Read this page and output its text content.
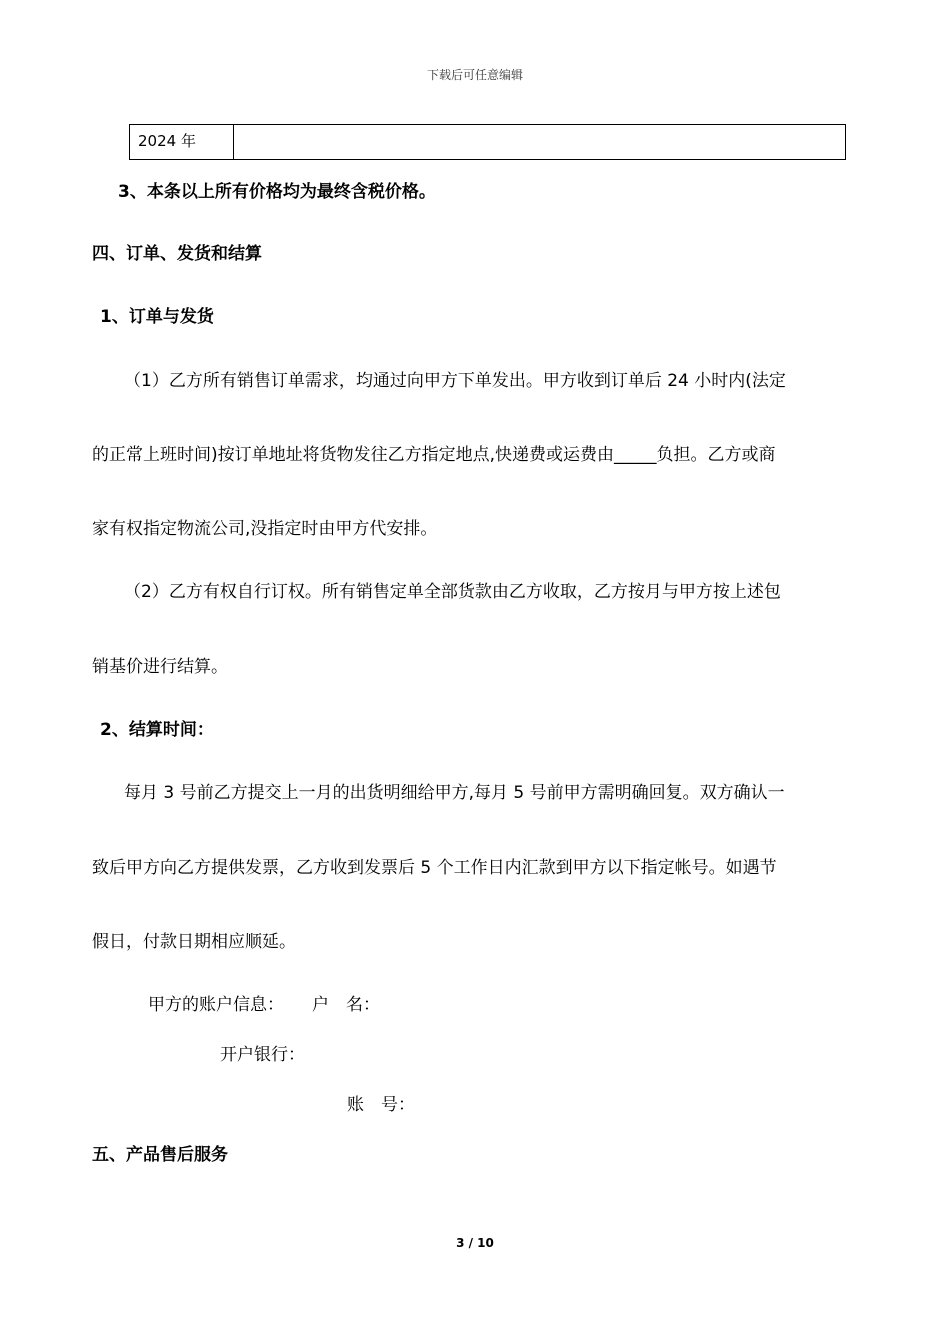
下载后可任意编辑
2024 年
3、本条以上所有价格均为最终含税价格。
四、订单、发货和结算
1、订单与发货
（1）乙方所有销售订单需求，均通过向甲方下单发出。甲方收到订单后 24 小时内(法定
的正常上班时间)按订单地址将货物发往乙方指定地点,快递费或运费由_____负担。乙方或商
家有权指定物流公司,没指定时由甲方代安排。
（2）乙方有权自行订权。所有销售定单全部货款由乙方收取，乙方按月与甲方按上述包
销基价进行结算。
2、结算时间：
每月 3 号前乙方提交上一月的出货明细给甲方,每月 5 号前甲方需明确回复。双方确认一
致后甲方向乙方提供发票，乙方收到发票后 5 个工作日内汇款到甲方以下指定帐号。如遇节
假日，付款日期相应顺延。
甲方的账户信息： 户　名：
开户银行：
账　号：
五、产品售后服务
3 / 10
